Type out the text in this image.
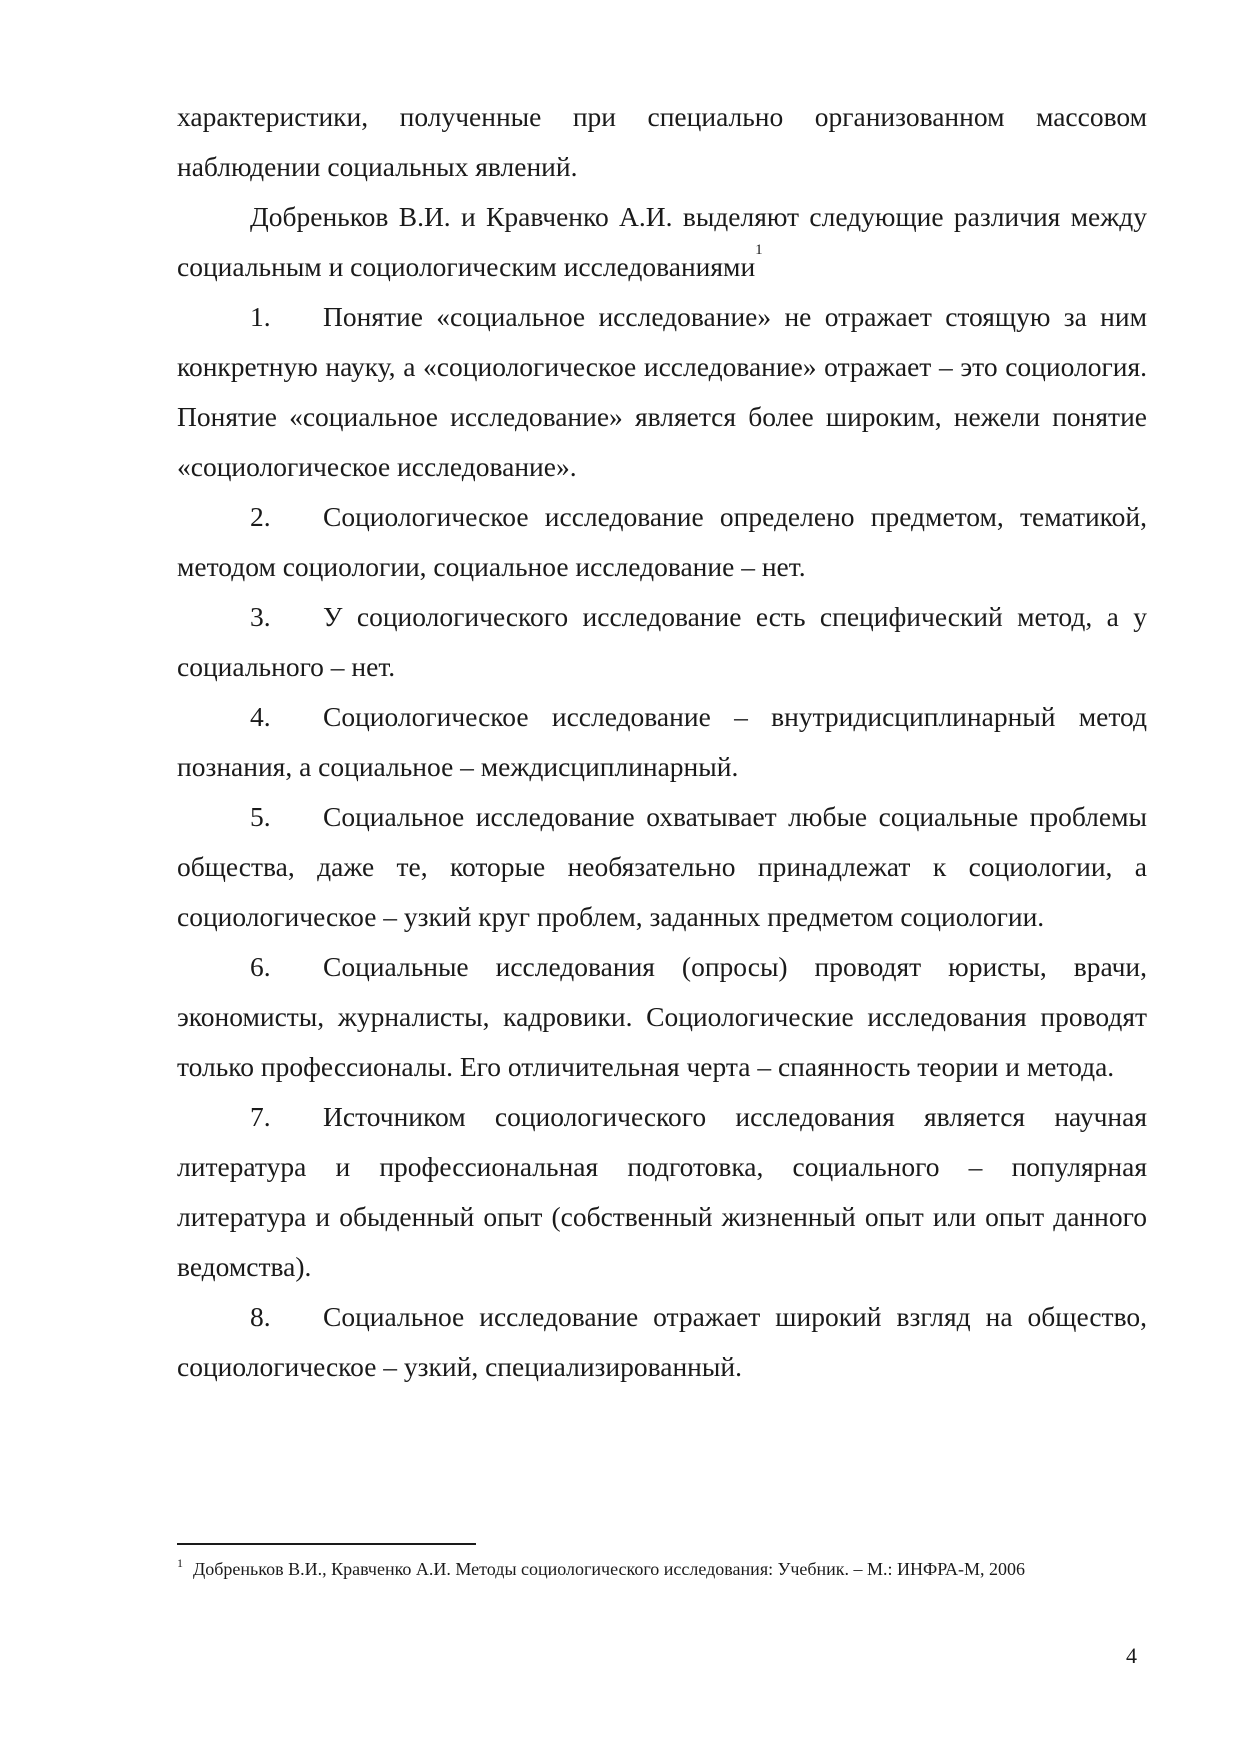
характеристики, полученные при специально организованном массовом наблюдении социальных явлений.

Добреньков В.И. и Кравченко А.И. выделяют следующие различия между социальным и социологическим исследованиями$^1$

1. Понятие «социальное исследование» не отражает стоящую за ним конкретную науку, а «социологическое исследование» отражает – это социология. Понятие «социальное исследование» является более широким, нежели понятие «социологическое исследование».

2. Социологическое исследование определено предметом, тематикой, методом социологии, социальное исследование – нет.

3. У социологического исследование есть специфический метод, а у социального – нет.

4. Социологическое исследование – внутридисциплинарный метод познания, а социальное – междисциплинарный.

5. Социальное исследование охватывает любые социальные проблемы общества, даже те, которые необязательно принадлежат к социологии, а социологическое – узкий круг проблем, заданных предметом социологии.

6. Социальные исследования (опросы) проводят юристы, врачи, экономисты, журналисты, кадровики. Социологические исследования проводят только профессионалы. Его отличительная черта – спаянность теории и метода.

7. Источником социологического исследования является научная литература и профессиональная подготовка, социального – популярная литература и обыденный опыт (собственный жизненный опыт или опыт данного ведомства).

8. Социальное исследование отражает широкий взгляд на общество, социологическое – узкий, специализированный.

$^1$ Добреньков В.И., Кравченко А.И. Методы социологического исследования: Учебник. – М.: ИНФРА-М, 2006
4
